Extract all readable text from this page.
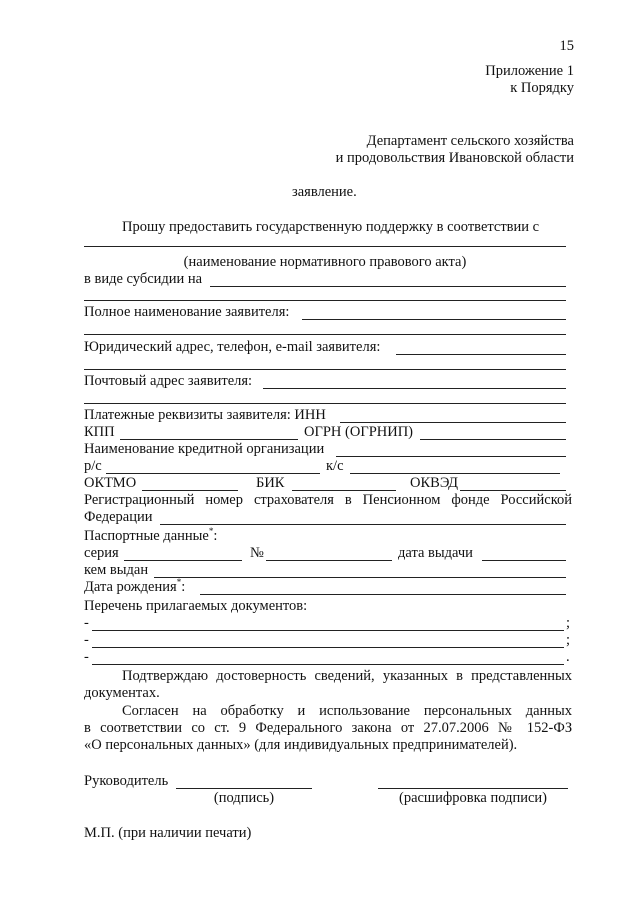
15
Приложение 1
к Порядку
Департамент сельского хозяйства
и продовольствия Ивановской области
заявление.
Прошу предоставить государственную поддержку в соответствии с
(наименование нормативного правового акта)
в виде субсидии на
Полное наименование заявителя:
Юридический адрес, телефон, e-mail заявителя:
Почтовый адрес заявителя:
Платежные реквизиты заявителя: ИНН
КПП	ОГРН (ОГРНИП)
Наименование кредитной организации
р/с	к/с
ОКТМО	БИК	ОКВЭД
Регистрационный номер страхователя в Пенсионном фонде Российской
Федерации
Паспортные данные*:
серия	№	дата выдачи
кем выдан
Дата рождения*:
Перечень прилагаемых документов:
-	;
-	;
-	.
Подтверждаю достоверность сведений, указанных в представленных
документах.
Согласен на обработку и использование персональных данных
в соответствии со ст. 9 Федерального закона от 27.07.2006 № 152-ФЗ
«О персональных данных» (для индивидуальных предпринимателей).
Руководитель
(подпись)	(расшифровка подписи)
М.П. (при наличии печати)
